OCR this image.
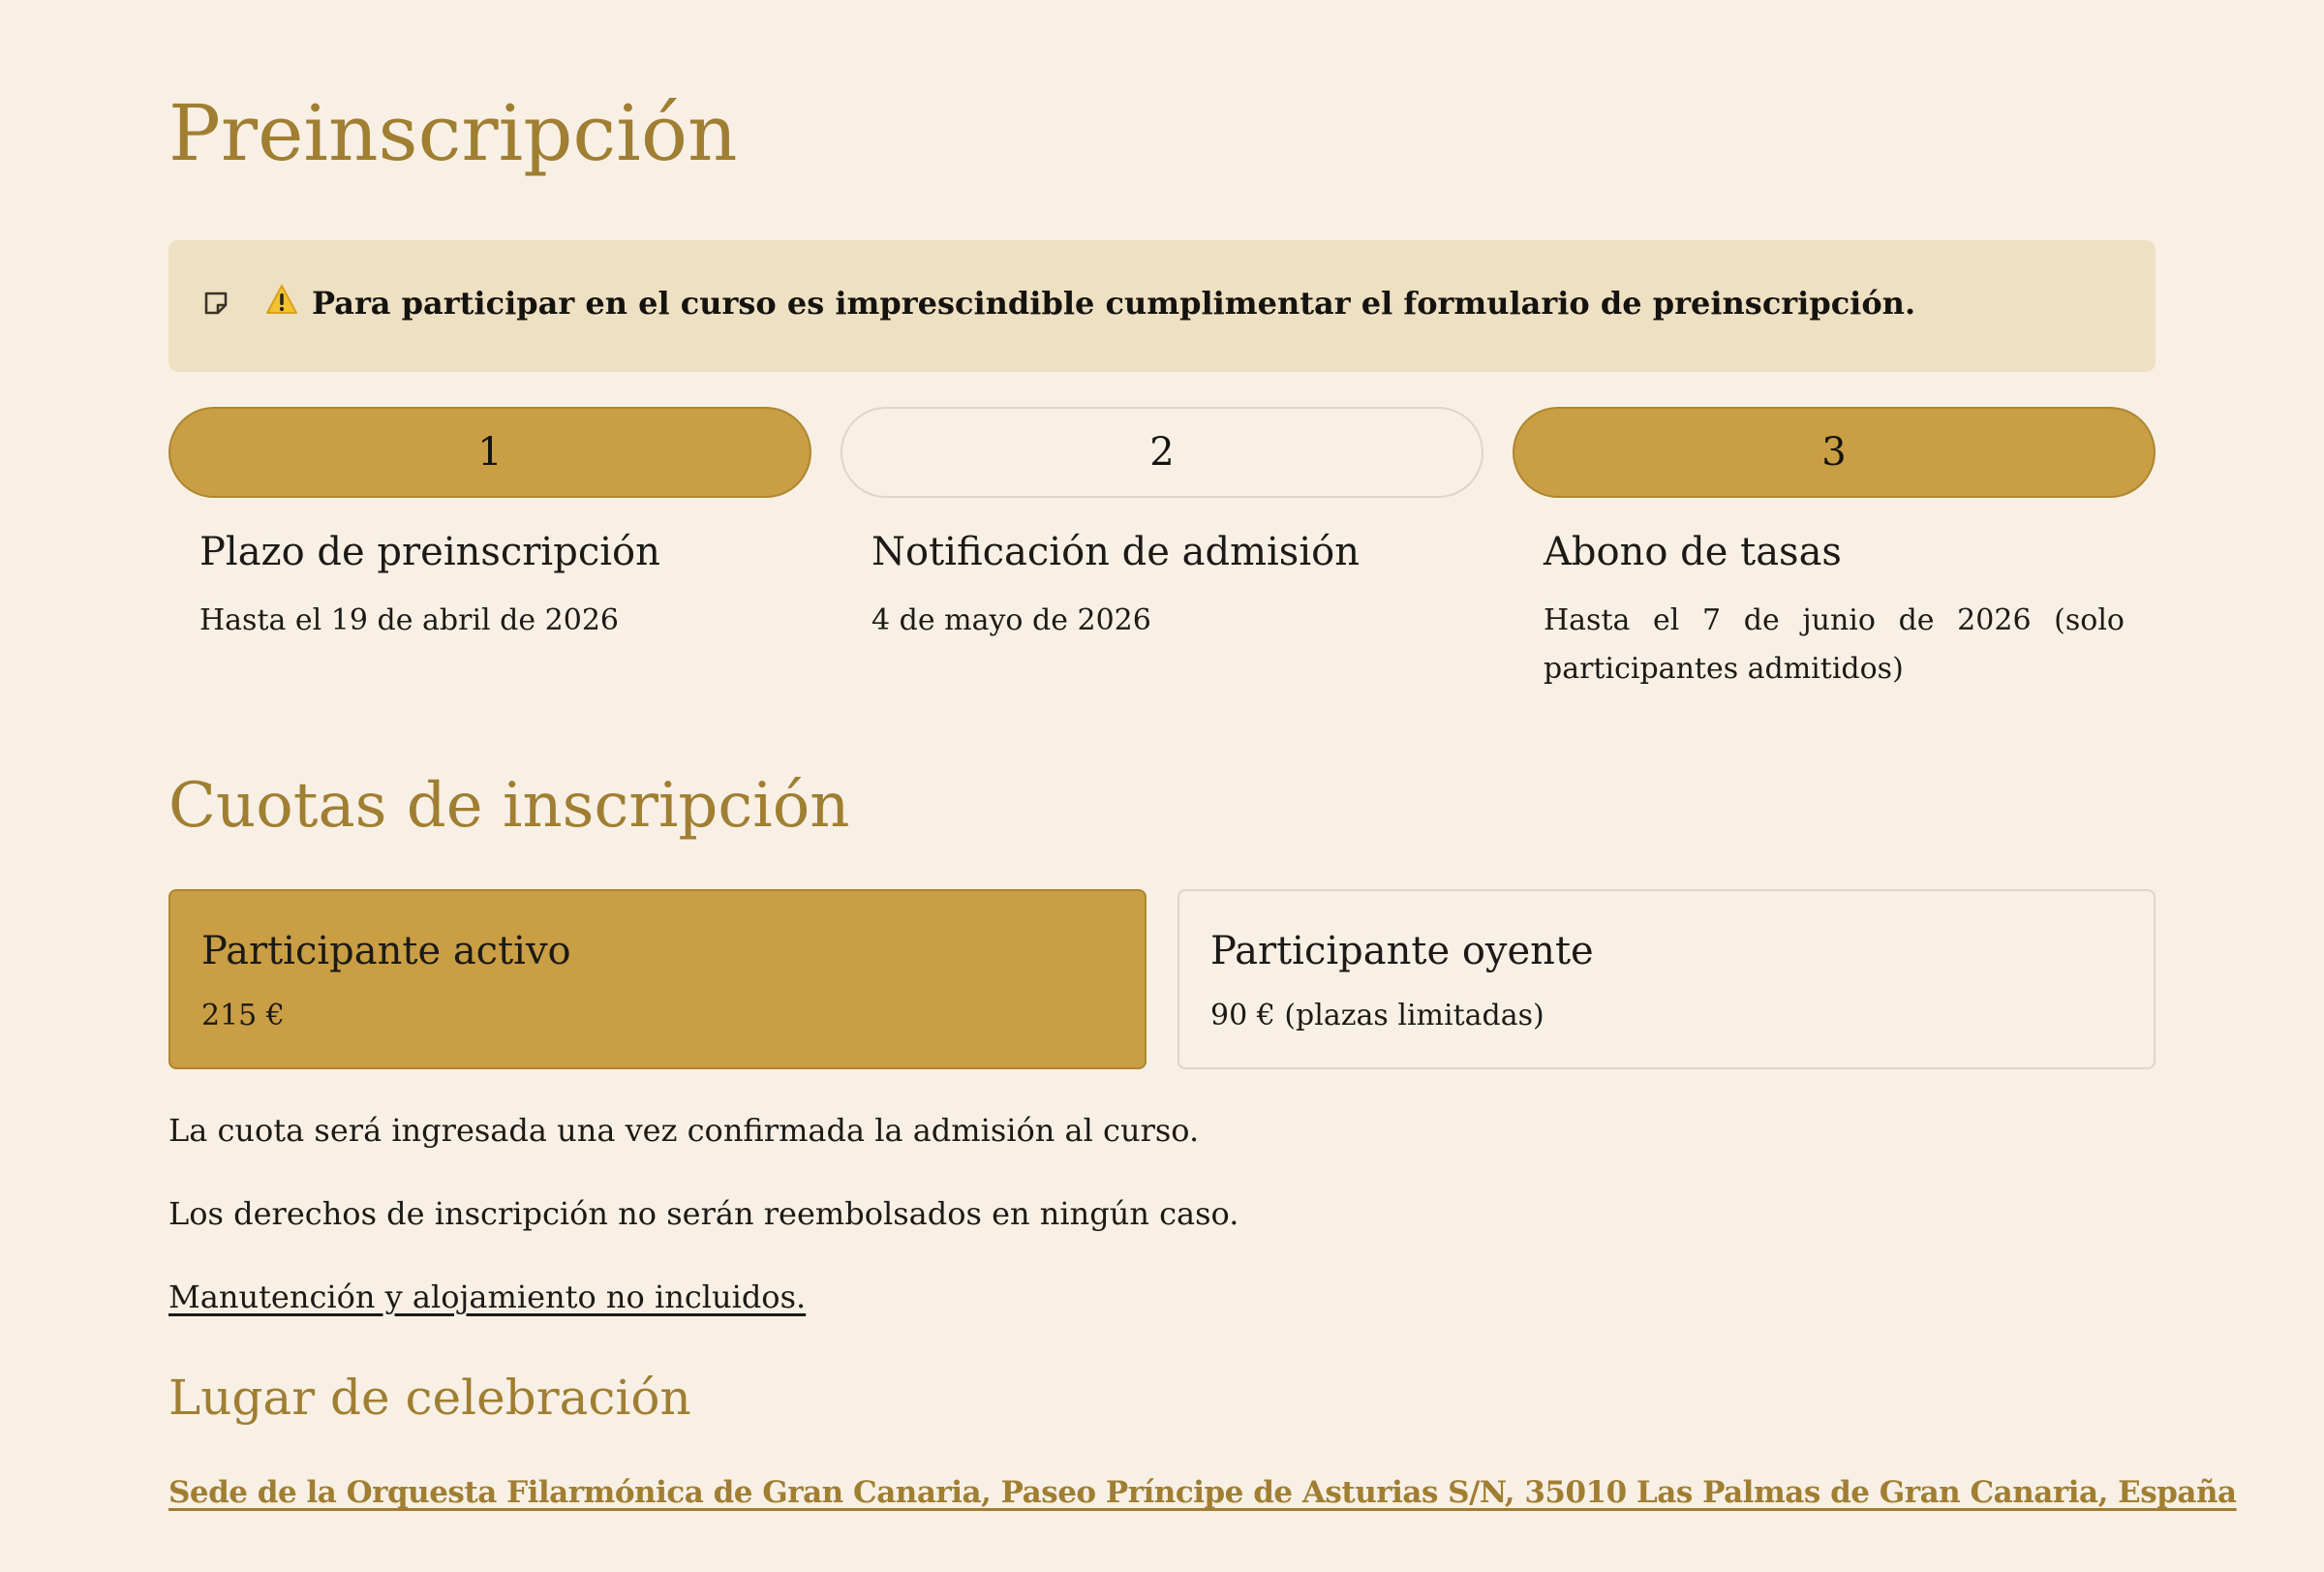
Preinscripción
Para participar en el curso es imprescindible cumplimentar el formulario de preinscripción.
1
Plazo de preinscripción
Hasta el 19 de abril de 2026
2
Notificación de admisión
4 de mayo de 2026
3
Abono de tasas
Hasta el 7 de junio de 2026 (solo participantes admitidos)
Cuotas de inscripción
Participante activo
215 €
Participante oyente
90 € (plazas limitadas)
La cuota será ingresada una vez confirmada la admisión al curso.
Los derechos de inscripción no serán reembolsados en ningún caso.
Manutención y alojamiento no incluidos.
Lugar de celebración
Sede de la Orquesta Filarmónica de Gran Canaria, Paseo Príncipe de Asturias S/N, 35010 Las Palmas de Gran Canaria, España
